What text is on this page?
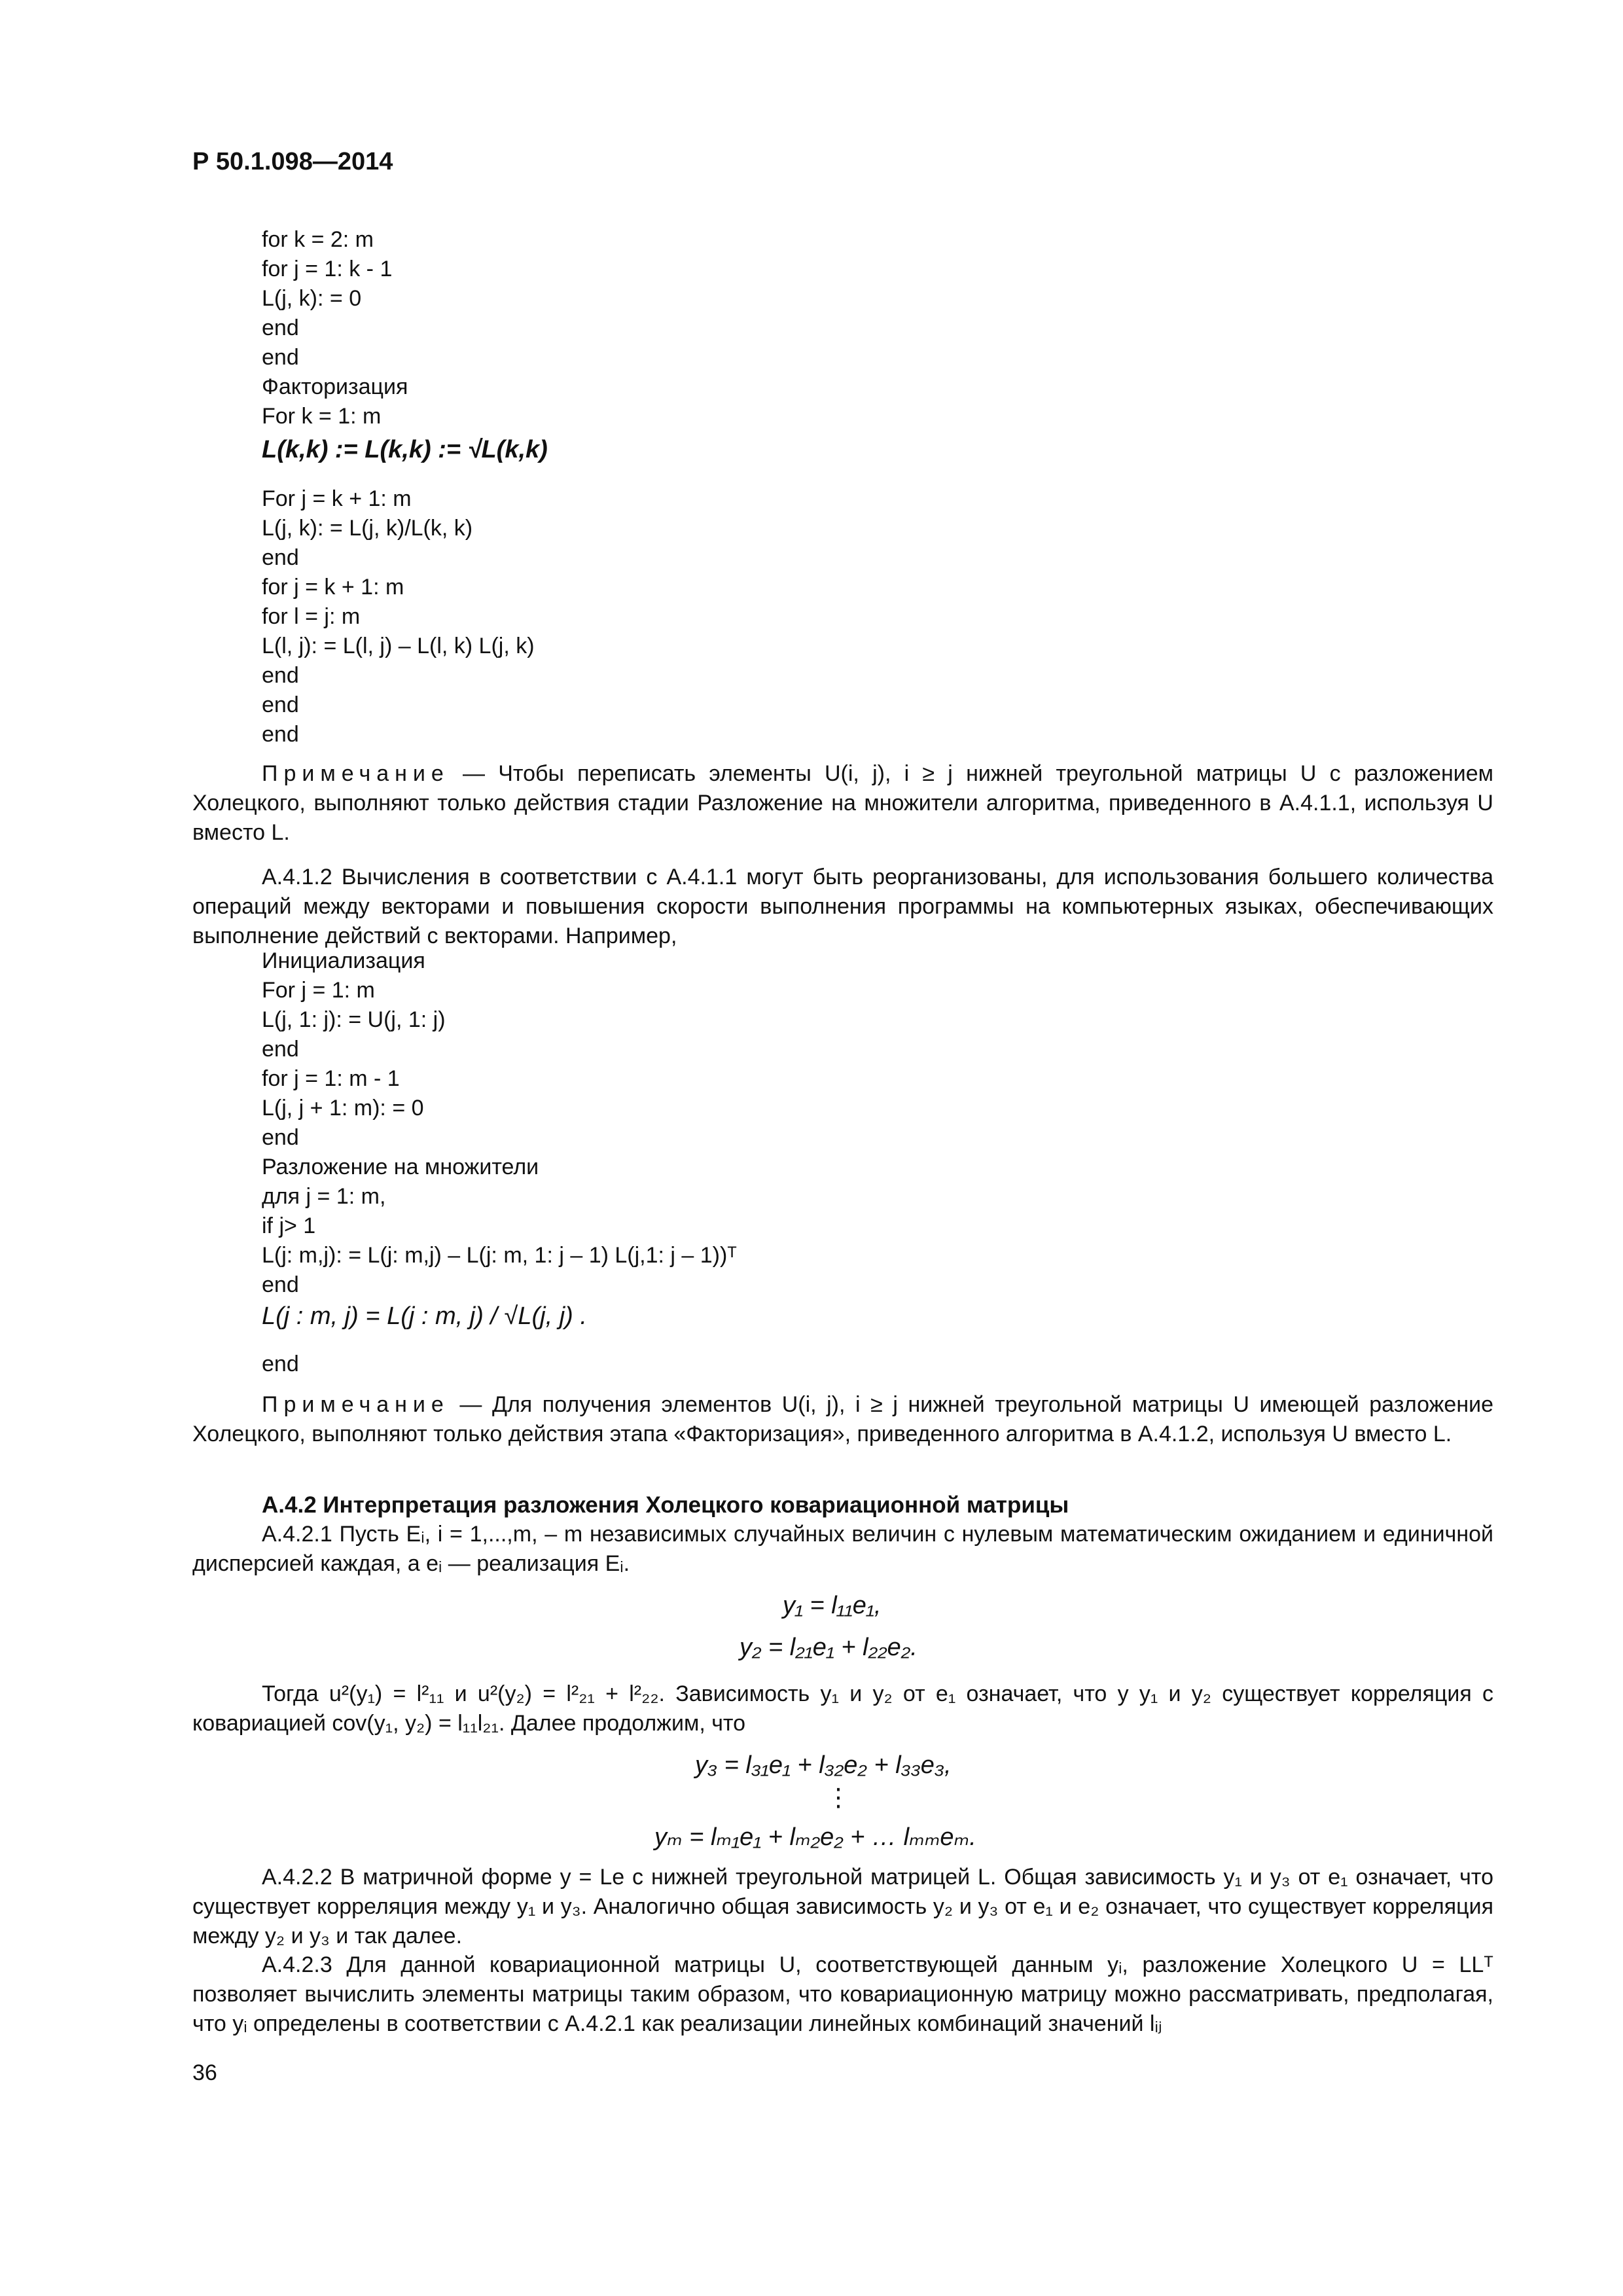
Р 50.1.098—2014
for k = 2: m
for j = 1: k - 1
L(j, k): = 0
end
end
Факторизация
For k = 1: m
L(k,k) := L(k,k) := √L(k,k)
For j = k + 1: m
L(j, k): = L(j, k)/L(k, k)
end
for j = k + 1: m
for l = j: m
L(l, j): = L(l, j) – L(l, k) L(j, k)
end
end
end
Примечание — Чтобы переписать элементы U(i, j), i ≥ j нижней треугольной матрицы U с разложением Холецкого, выполняют только действия стадии Разложение на множители алгоритма, приведенного в А.4.1.1, используя U вместо L.
А.4.1.2 Вычисления в соответствии с А.4.1.1 могут быть реорганизованы, для использования большего количества операций между векторами и повышения скорости выполнения программы на компьютерных языках, обеспечивающих выполнение действий с векторами. Например,
Инициализация
For j = 1: m
L(j, 1: j): = U(j, 1: j)
end
for j = 1: m - 1
L(j, j + 1: m): = 0
end
Разложение на множители
для j = 1: m,
if j> 1
L(j: m,j): = L(j: m,j) – L(j: m, 1: j – 1) L(j,1: j – 1))ᵀ
end
L(j : m, j) = L(j : m, j) / √L(j, j) .
end
Примечание — Для получения элементов U(i, j), i ≥ j нижней треугольной матрицы U имеющей разложение Холецкого, выполняют только действия этапа «Факторизация», приведенного алгоритма в А.4.1.2, используя U вместо L.
А.4.2 Интерпретация разложения Холецкого ковариационной матрицы
А.4.2.1 Пусть Eᵢ, i = 1,...,m, – m независимых случайных величин с нулевым математическим ожиданием и единичной дисперсией каждая, а eᵢ — реализация Eᵢ.
y₁ = l₁₁e₁,
y₂ = l₂₁e₁ + l₂₂e₂.
Тогда u²(y₁) = l²₁₁ и u²(y₂) = l²₂₁ + l²₂₂. Зависимость y₁ и y₂ от e₁ означает, что у y₁ и y₂ существует корреляция с ковариацией cov(y₁, y₂) = l₁₁l₂₁. Далее продолжим, что
y₃ = l₃₁e₁ + l₃₂e₂ + l₃₃e₃,
⋮
yₘ = lₘ₁e₁ + lₘ₂e₂ + … lₘₘeₘ.
А.4.2.2 В матричной форме y = Le с нижней треугольной матрицей L. Общая зависимость y₁ и y₃ от e₁ означает, что существует корреляция между y₁ и y₃. Аналогично общая зависимость y₂ и y₃ от e₁ и e₂ означает, что существует корреляция между y₂ и y₃ и так далее.
А.4.2.3 Для данной ковариационной матрицы U, соответствующей данным yᵢ, разложение Холецкого U = LLᵀ позволяет вычислить элементы матрицы таким образом, что ковариационную матрицу можно рассматривать, предполагая, что yᵢ определены в соответствии с А.4.2.1 как реализации линейных комбинаций значений lᵢⱼ
36
